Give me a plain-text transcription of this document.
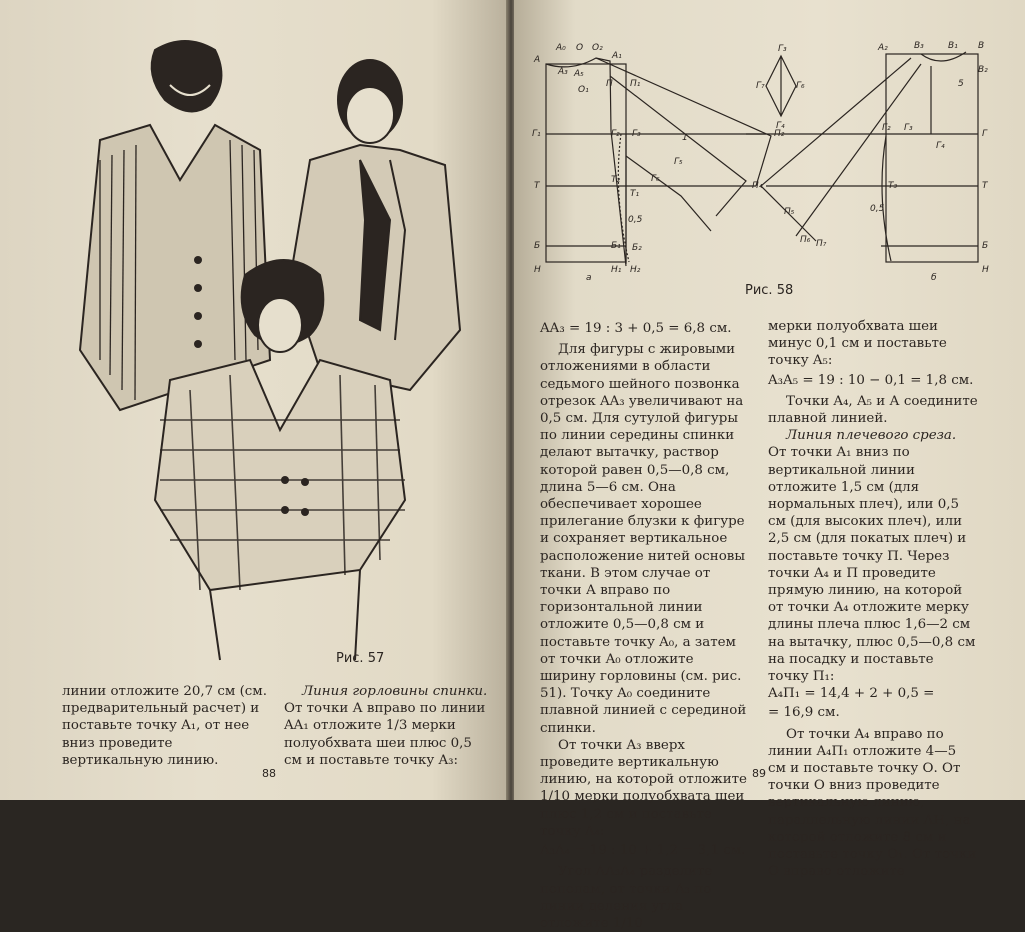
Рис. 57

линии отложите 20,7 см (см. предварительный расчет) и поставьте точку A₁, от нее вниз проведите вертикальную линию.

Линия горловины спинки. От точки А вправо по линии AA₁ отложите 1/3 мерки полуобхвата шеи плюс 0,5 см и поставьте точку A₃:

88
Рис. 58

AA₃ = 19 : 3 + 0,5 = 6,8 см.

Для фигуры с жировыми отложениями в области седьмого шейного позвонка отрезок AA₃ увеличивают на 0,5 см. Для сутулой фигуры по линии середины спинки делают вытачку, раствор которой равен 0,5—0,8 см, длина 5—6 см. Она обеспечивает хорошее прилегание блузки к фигуре и сохраняет вертикальное расположение нитей основы ткани. В этом случае от точки А вправо по горизонтальной линии отложите 0,5—0,8 см и поставьте точку A₀, а затем от точки A₀ отложите ширину горловины (см. рис. 51). Точку A₀ соедините плавной линией с серединой спинки.

От точки A₃ вверх проведите вертикальную линию, на которой отложите 1/10 мерки полуобхвата шеи плюс 1,2 см и поставьте точку A₄:

A₃A₄ = 19 : 10 + 1,2 = 3,1 см.

Угол AA₃A₄ разделите пополам, от точки A₃ по линии деления угла отложите 1/10

мерки полуобхвата шеи минус 0,1 см и поставьте точку A₅:

A₃A₅ = 19 : 10 − 0,1 = 1,8 см.

Точки A₄, A₅ и А соедините плавной линией.

Линия плечевого среза. От точки A₁ вниз по вертикальной линии отложите 1,5 см (для нормальных плеч), или 0,5 см (для высоких плеч), или 2,5 см (для покатых плеч) и поставьте точку П. Через точки A₄ и П проведите прямую линию, на которой от точки A₄ отложите мерку длины плеча плюс 1,6—2 см на вытачку, плюс 0,5—0,8 см на посадку и поставьте точку П₁:

A₄П₁ = 14,4 + 2 + 0,5 =

= 16,9 см.

От точки A₄ вправо по линии A₄П₁ отложите 4—5 см и поставьте точку О. От точки О вниз проведите вертикальную линию, параллельную линии АН, на которой отложите 8 см и поставьте точку O₁. От точки О вправо отложите

89
А
A₀ O O₂
A₁
A₃ A₅
O₁
П П₁
П₂
Г₁	Г₂ Г₃
Г₅
Г₆
Т
Т₂
Т₁
Б	Б₁ Б₂
Н	Н₁ Н₂
0,5
1
Г₃
Г₇	Г₆
Г₄
A₂	B₃	B₁ В
B₂
Г
Г₂ Г₃
Г₄
Т
Т₃
Б
Н
П₄
П₅
П₆ П₇
0,5
5
а	б
